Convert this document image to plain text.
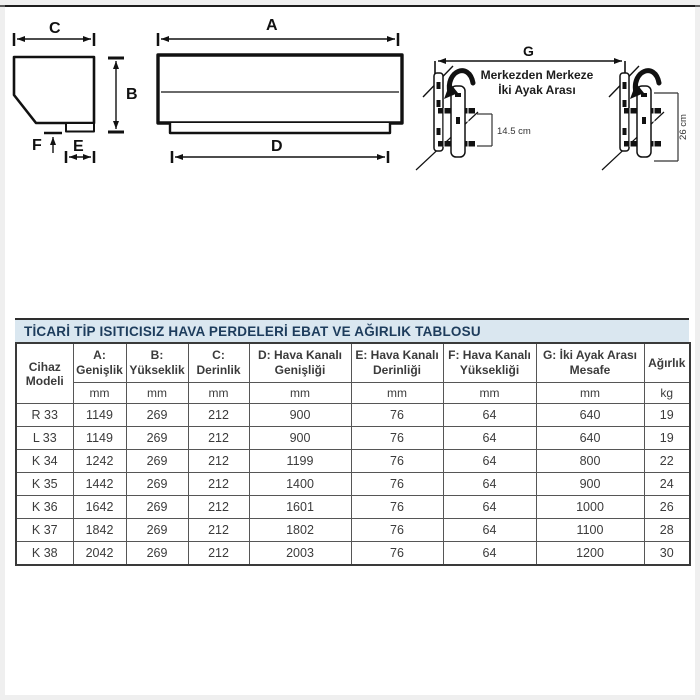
C
B
F E
A
D
G
Merkezden Merkeze
İki Ayak Arası
14.5 cm	26 cm
TİCARİ TİP ISITICISIZ HAVA PERDELERİ EBAT VE AĞIRLIK TABLOSU
Cihaz Modeli	A: Genişlik	B: Yükseklik	C: Derinlik	D: Hava Kanalı Genişliği	E: Hava Kanalı Derinliği	F: Hava Kanalı Yüksekliği	G: İki Ayak Arası Mesafe	Ağırlık
	mm	mm	mm	mm	mm	mm	mm	kg
R 33	1149	269	212	900	76	64	640	19
L 33	1149	269	212	900	76	64	640	19
K 34	1242	269	212	1199	76	64	800	22
K 35	1442	269	212	1400	76	64	900	24
K 36	1642	269	212	1601	76	64	1000	26
K 37	1842	269	212	1802	76	64	1100	28
K 38	2042	269	212	2003	76	64	1200	30
